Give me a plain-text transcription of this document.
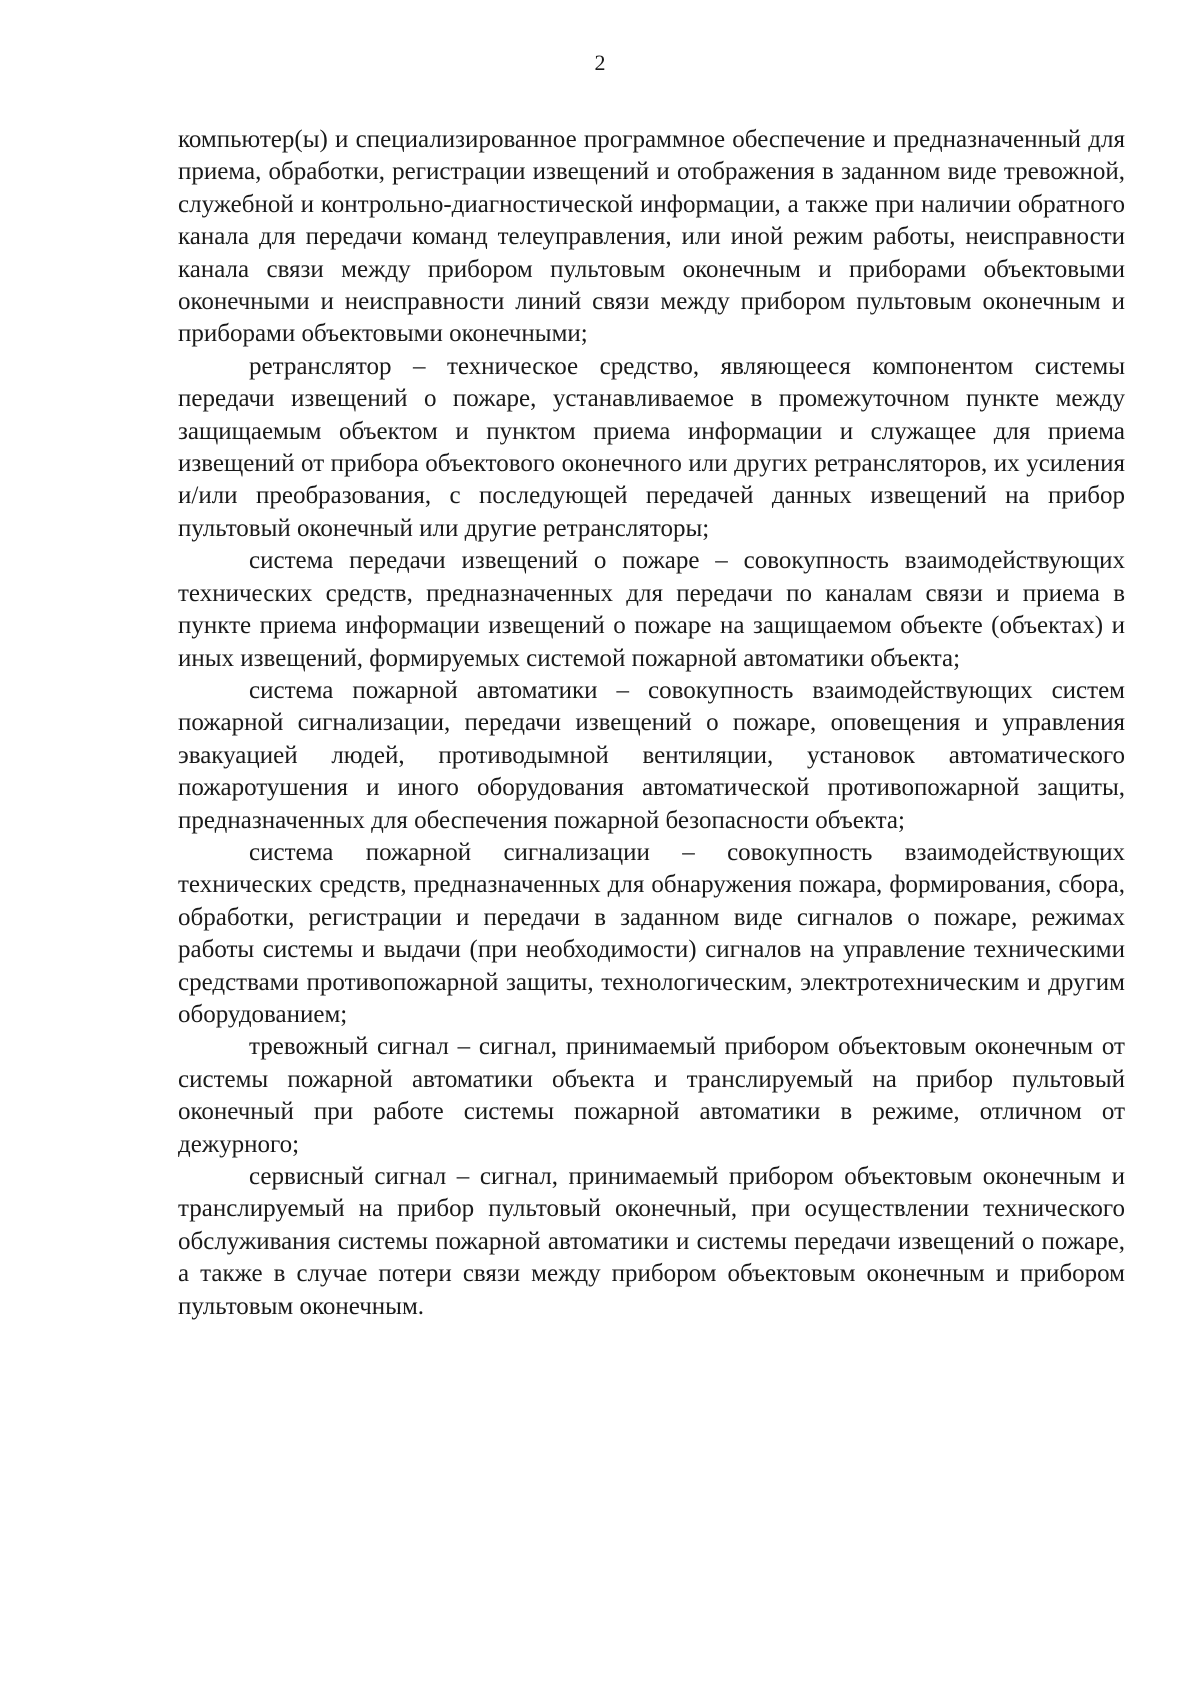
2

компьютер(ы) и специализированное программное обеспечение и предназначенный для приема, обработки, регистрации извещений и отображения в заданном виде тревожной, служебной и контрольно-диагностической информации, а также при наличии обратного канала для передачи команд телеуправления, или иной режим работы, неисправности канала связи между прибором пультовым оконечным и приборами объектовыми оконечными и неисправности линий связи между прибором пультовым оконечным и приборами объектовыми оконечными;

ретранслятор – техническое средство, являющееся компонентом системы передачи извещений о пожаре, устанавливаемое в промежуточном пункте между защищаемым объектом и пунктом приема информации и служащее для приема извещений от прибора объектового оконечного или других ретрансляторов, их усиления и/или преобразования, с последующей передачей данных извещений на прибор пультовый оконечный или другие ретрансляторы;

система передачи извещений о пожаре – совокупность взаимодействующих технических средств, предназначенных для передачи по каналам связи и приема в пункте приема информации извещений о пожаре на защищаемом объекте (объектах) и иных извещений, формируемых системой пожарной автоматики объекта;

система пожарной автоматики – совокупность взаимодействующих систем пожарной сигнализации, передачи извещений о пожаре, оповещения и управления эвакуацией людей, противодымной вентиляции, установок автоматического пожаротушения и иного оборудования автоматической противопожарной защиты, предназначенных для обеспечения пожарной безопасности объекта;

система пожарной сигнализации – совокупность взаимодействующих технических средств, предназначенных для обнаружения пожара, формирования, сбора, обработки, регистрации и передачи в заданном виде сигналов о пожаре, режимах работы системы и выдачи (при необходимости) сигналов на управление техническими средствами противопожарной защиты, технологическим, электротехническим и другим оборудованием;

тревожный сигнал – сигнал, принимаемый прибором объектовым оконечным от системы пожарной автоматики объекта и транслируемый на прибор пультовый оконечный при работе системы пожарной автоматики в режиме, отличном от дежурного;

сервисный сигнал – сигнал, принимаемый прибором объектовым оконечным и транслируемый на прибор пультовый оконечный, при осуществлении технического обслуживания системы пожарной автоматики и системы передачи извещений о пожаре, а также в случае потери связи между прибором объектовым оконечным и прибором пультовым оконечным.
